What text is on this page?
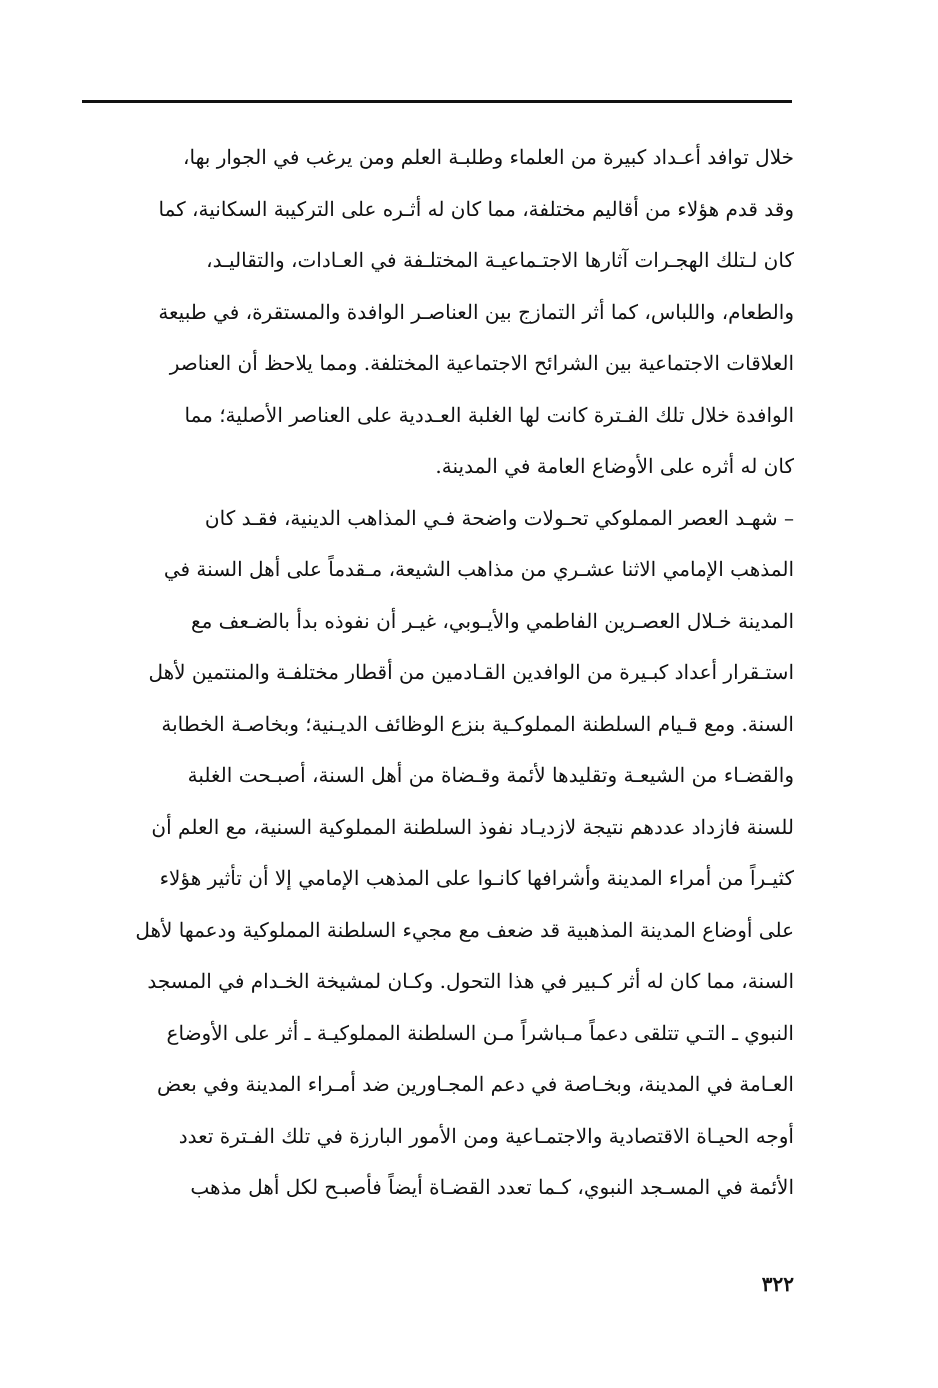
خلال توافد أعـداد كبيرة من العلماء وطلبـة العلم ومن يرغب في الجوار بها،
وقد قدم هؤلاء من أقاليم مختلفة، مما كان له أثـره على التركيبة السكانية، كما
كان لـتلك الهجـرات آثارها الاجتـماعيـة المختلـفة في العـادات، والتقاليـد،
والطعام، واللباس، كما أثر التمازج بين العناصـر الوافدة والمستقرة، في طبيعة
العلاقات الاجتماعية بين الشرائح الاجتماعية المختلفة. ومما يلاحظ أن العناصر
الوافدة خلال تلك الفـترة كانت لها الغلبة العـددية على العناصر الأصلية؛ مما
كان له أثره على الأوضاع العامة في المدينة.
– شهـد العصر المملوكي تحـولات واضحة فـي المذاهب الدينية، فقـد كان
المذهب الإمامي الاثنا عشـري من مذاهب الشيعة، مـقدماً على أهل السنة في
المدينة خـلال العصـرين الفاطمي والأيـوبي، غيـر أن نفوذه بدأ بالضـعف مع
استـقرار أعداد كبـيرة من الوافدين القـادمين من أقطار مختلفـة والمنتمين لأهل
السنة. ومع قـيام السلطنة المملوكـية بنزع الوظائف الديـنية؛ وبخاصـة الخطابة
والقضـاء من الشيعـة وتقليدها لأئمة وقـضاة من أهل السنة، أصبـحت الغلبة
للسنة فازداد عددهم نتيجة لازديـاد نفوذ السلطنة المملوكية السنية، مع العلم أن
كثيـراً من أمراء المدينة وأشرافها كانـوا على المذهب الإمامي إلا أن تأثير هؤلاء
على أوضاع المدينة المذهبية قد ضعف مع مجيء السلطنة المملوكية ودعمها لأهل
السنة، مما كان له أثر كـبير في هذا التحول. وكـان لمشيخة الخـدام في المسجد
النبوي ـ التـي تتلقى دعماً مـباشراً مـن السلطنة المملوكيـة ـ أثر على الأوضاع
العـامة في المدينة، وبخـاصة في دعم المجـاورين ضد أمـراء المدينة وفي بعض
أوجه الحيـاة الاقتصادية والاجتمـاعية ومن الأمور البارزة في تلك الفـترة تعدد
الأئمة في المسـجد النبوي، كـما تعدد القضـاة أيضاً فأصبـح لكل أهل مذهب
٣٢٢
